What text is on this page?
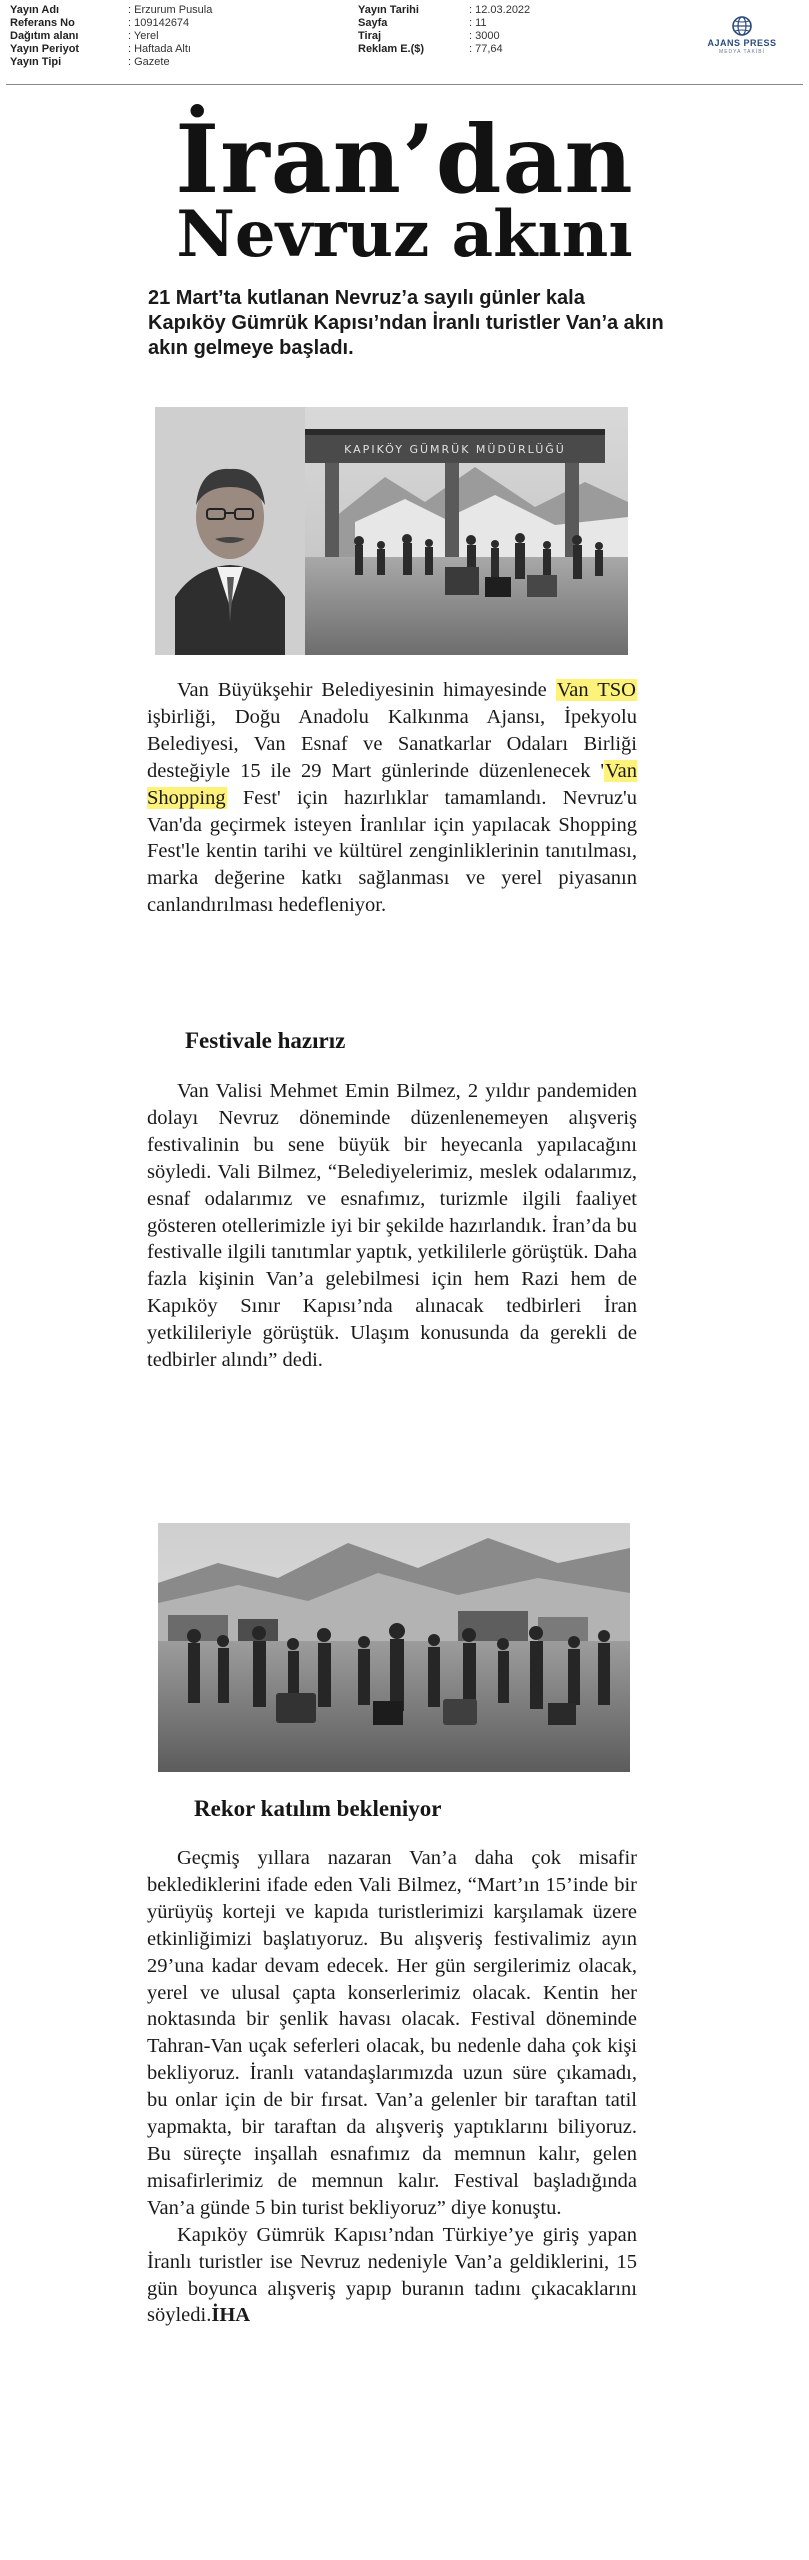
Yayın Adı	: Erzurum Pusula
Referans No	: 109142674
Dağıtım alanı	: Yerel
Yayın Periyot	: Haftada Altı
Yayın Tipi	: Gazete
Yayın Tarihi	: 12.03.2022
Sayfa	: 11
Tiraj	: 3000
Reklam E.($)	: 77,64	AJANS PRESS
MEDYA TAKİBİ
İran’dan
Nevruz akını
21 Mart’ta kutlanan Nevruz’a sayılı günler kala Kapıköy Gümrük Kapısı’ndan İranlı turistler Van’a akın akın gelmeye başladı.
KAPIKÖY GÜMRÜK MÜDÜRLÜĞÜ

Van Büyükşehir Belediyesinin himayesinde Van TSO işbirliği, Doğu Anadolu Kalkınma Ajansı, İpekyolu Belediyesi, Van Esnaf ve Sanatkarlar Odaları Birliği desteğiyle 15 ile 29 Mart günlerinde düzenlenecek 'Van Shopping Fest' için hazırlıklar tamamlandı. Nevruz'u Van'da geçirmek isteyen İranlılar için yapılacak Shopping Fest'le kentin tarihi ve kültürel zenginliklerinin tanıtılması, marka değerine katkı sağlanması ve yerel piyasanın canlandırılması hedefleniyor.

Festivale hazırız

Van Valisi Mehmet Emin Bilmez, 2 yıldır pandemiden dolayı Nevruz döneminde düzenlenemeyen alışveriş festivalinin bu sene büyük bir heyecanla yapılacağını söyledi. Vali Bilmez, “Belediyelerimiz, meslek odalarımız, esnaf odalarımız ve esnafımız, turizmle ilgili faaliyet gösteren otellerimizle iyi bir şekilde hazırlandık. İran’da bu festivalle ilgili tanıtımlar yaptık, yetkililerle görüştük. Daha fazla kişinin Van’a gelebilmesi için hem Razi hem de Kapıköy Sınır Kapısı’nda alınacak tedbirleri İran yetkilileriyle görüştük. Ulaşım konusunda da gerekli de tedbirler alındı” dedi.

Rekor katılım bekleniyor

Geçmiş yıllara nazaran Van’a daha çok misafir beklediklerini ifade eden Vali Bilmez, “Mart’ın 15’inde bir yürüyüş korteji ve kapıda turistlerimizi karşılamak üzere etkinliğimizi başlatıyoruz. Bu alışveriş festivalimiz ayın 29’una kadar devam edecek. Her gün sergilerimiz olacak, yerel ve ulusal çapta konserlerimiz olacak. Kentin her noktasında bir şenlik havası olacak. Festival döneminde Tahran-Van uçak seferleri olacak, bu nedenle daha çok kişi bekliyoruz. İranlı vatandaşlarımızda uzun süre çıkamadı, bu onlar için de bir fırsat. Van’a gelenler bir taraftan tatil yapmakta, bir taraftan da alışveriş yaptıklarını biliyoruz. Bu süreçte inşallah esnafımız da memnun kalır, gelen misafirlerimiz de memnun kalır. Festival başladığında Van’a günde 5 bin turist bekliyoruz” diye konuştu.

Kapıköy Gümrük Kapısı’ndan Türkiye’ye giriş yapan İranlı turistler ise Nevruz nedeniyle Van’a geldiklerini, 15 gün boyunca alışveriş yapıp buranın tadını çıkacaklarını söyledi.İHA
